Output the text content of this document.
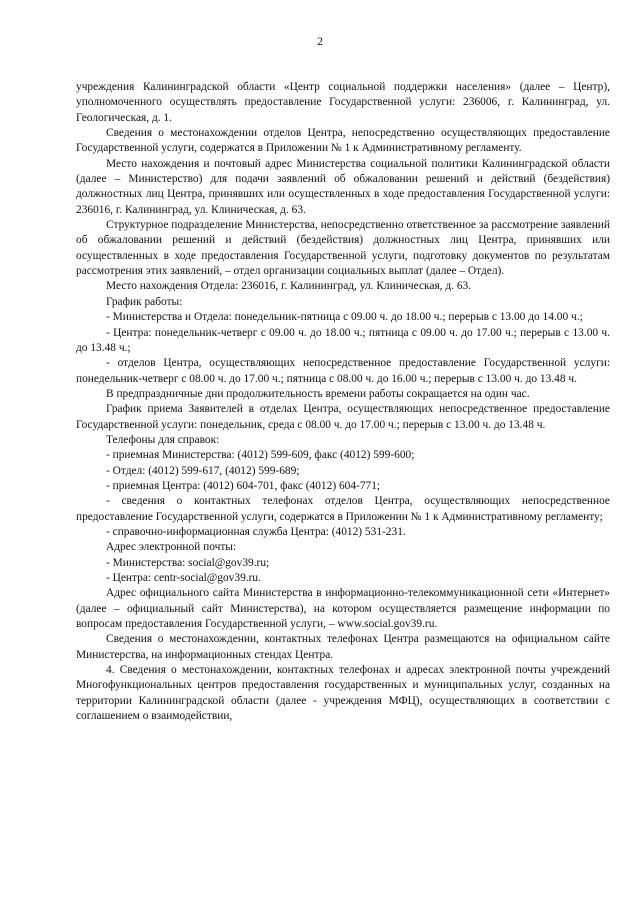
2

учреждения Калининградской области «Центр социальной поддержки населения» (далее – Центр), уполномоченного осуществлять предоставление Государственной услуги: 236006, г. Калининград, ул. Геологическая, д. 1.

Сведения о местонахождении отделов Центра, непосредственно осуществляющих предоставление Государственной услуги, содержатся в Приложении № 1 к Административному регламенту.

Место нахождения и почтовый адрес Министерства социальной политики Калининградской области (далее – Министерство) для подачи заявлений об обжаловании решений и действий (бездействия) должностных лиц Центра, принявших или осуществленных в ходе предоставления Государственной услуги: 236016, г. Калининград, ул. Клиническая, д. 63.

Структурное подразделение Министерства, непосредственно ответственное за рассмотрение заявлений об обжаловании решений и действий (бездействия) должностных лиц Центра, принявших или осуществленных в ходе предоставления Государственной услуги, подготовку документов по результатам рассмотрения этих заявлений, – отдел организации социальных выплат (далее – Отдел).

Место нахождения Отдела: 236016, г. Калининград, ул. Клиническая, д. 63.

График работы:

- Министерства и Отдела: понедельник-пятница с 09.00 ч. до 18.00 ч.; перерыв с 13.00 до 14.00 ч.;

- Центра: понедельник-четверг с 09.00 ч. до 18.00 ч.; пятница с 09.00 ч. до 17.00 ч.; перерыв с 13.00 ч. до 13.48 ч.;

- отделов Центра, осуществляющих непосредственное предоставление Государственной услуги: понедельник-четверг с 08.00 ч. до 17.00 ч.; пятница с 08.00 ч. до 16.00 ч.; перерыв с 13.00 ч. до 13.48 ч.

В предпраздничные дни продолжительность времени работы сокращается на один час.

График приема Заявителей в отделах Центра, осуществляющих непосредственное предоставление Государственной услуги: понедельник, среда с 08.00 ч. до 17.00 ч.; перерыв с 13.00 ч. до 13.48 ч.

Телефоны для справок:

- приемная Министерства: (4012) 599-609, факс (4012) 599-600;

- Отдел: (4012) 599-617, (4012) 599-689;

- приемная Центра: (4012) 604-701, факс (4012) 604-771;

- сведения о контактных телефонах отделов Центра, осуществляющих непосредственное предоставление Государственной услуги, содержатся в Приложении № 1 к Административному регламенту;

- справочно-информационная служба Центра: (4012) 531-231.

Адрес электронной почты:

- Министерства: social@gov39.ru;

- Центра: centr-social@gov39.ru.

Адрес официального сайта Министерства в информационно-телекоммуникационной сети «Интернет» (далее – официальный сайт Министерства), на котором осуществляется размещение информации по вопросам предоставления Государственной услуги, – www.social.gov39.ru.

Сведения о местонахождении, контактных телефонах Центра размещаются на официальном сайте Министерства, на информационных стендах Центра.

4. Сведения о местонахождении, контактных телефонах и адресах электронной почты учреждений Многофункциональных центров предоставления государственных и муниципальных услуг, созданных на территории Калининградской области (далее - учреждения МФЦ), осуществляющих в соответствии с соглашением о взаимодействии,
